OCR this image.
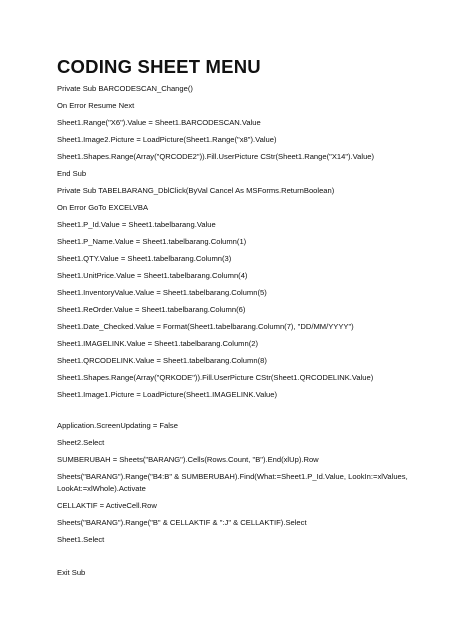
CODING SHEET MENU
Private Sub BARCODESCAN_Change()
On Error Resume Next
Sheet1.Range("X6").Value = Sheet1.BARCODESCAN.Value
Sheet1.Image2.Picture = LoadPicture(Sheet1.Range("x8").Value)
Sheet1.Shapes.Range(Array("QRCODE2")).Fill.UserPicture CStr(Sheet1.Range("X14").Value)
End Sub
Private Sub TABELBARANG_DblClick(ByVal Cancel As MSForms.ReturnBoolean)
On Error GoTo EXCELVBA
Sheet1.P_Id.Value = Sheet1.tabelbarang.Value
Sheet1.P_Name.Value = Sheet1.tabelbarang.Column(1)
Sheet1.QTY.Value = Sheet1.tabelbarang.Column(3)
Sheet1.UnitPrice.Value = Sheet1.tabelbarang.Column(4)
Sheet1.InventoryValue.Value = Sheet1.tabelbarang.Column(5)
Sheet1.ReOrder.Value = Sheet1.tabelbarang.Column(6)
Sheet1.Date_Checked.Value = Format(Sheet1.tabelbarang.Column(7), "DD/MM/YYYY")
Sheet1.IMAGELINK.Value = Sheet1.tabelbarang.Column(2)
Sheet1.QRCODELINK.Value = Sheet1.tabelbarang.Column(8)
Sheet1.Shapes.Range(Array("QRKODE")).Fill.UserPicture CStr(Sheet1.QRCODELINK.Value)
Sheet1.Image1.Picture = LoadPicture(Sheet1.IMAGELINK.Value)
Application.ScreenUpdating = False
Sheet2.Select
SUMBERUBAH = Sheets("BARANG").Cells(Rows.Count, "B").End(xlUp).Row
Sheets("BARANG").Range("B4:B" & SUMBERUBAH).Find(What:=Sheet1.P_Id.Value, LookIn:=xlValues,
LookAt:=xlWhole).Activate
CELLAKTIF = ActiveCell.Row
Sheets("BARANG").Range("B" & CELLAKTIF & ":J" & CELLAKTIF).Select
Sheet1.Select
Exit Sub
